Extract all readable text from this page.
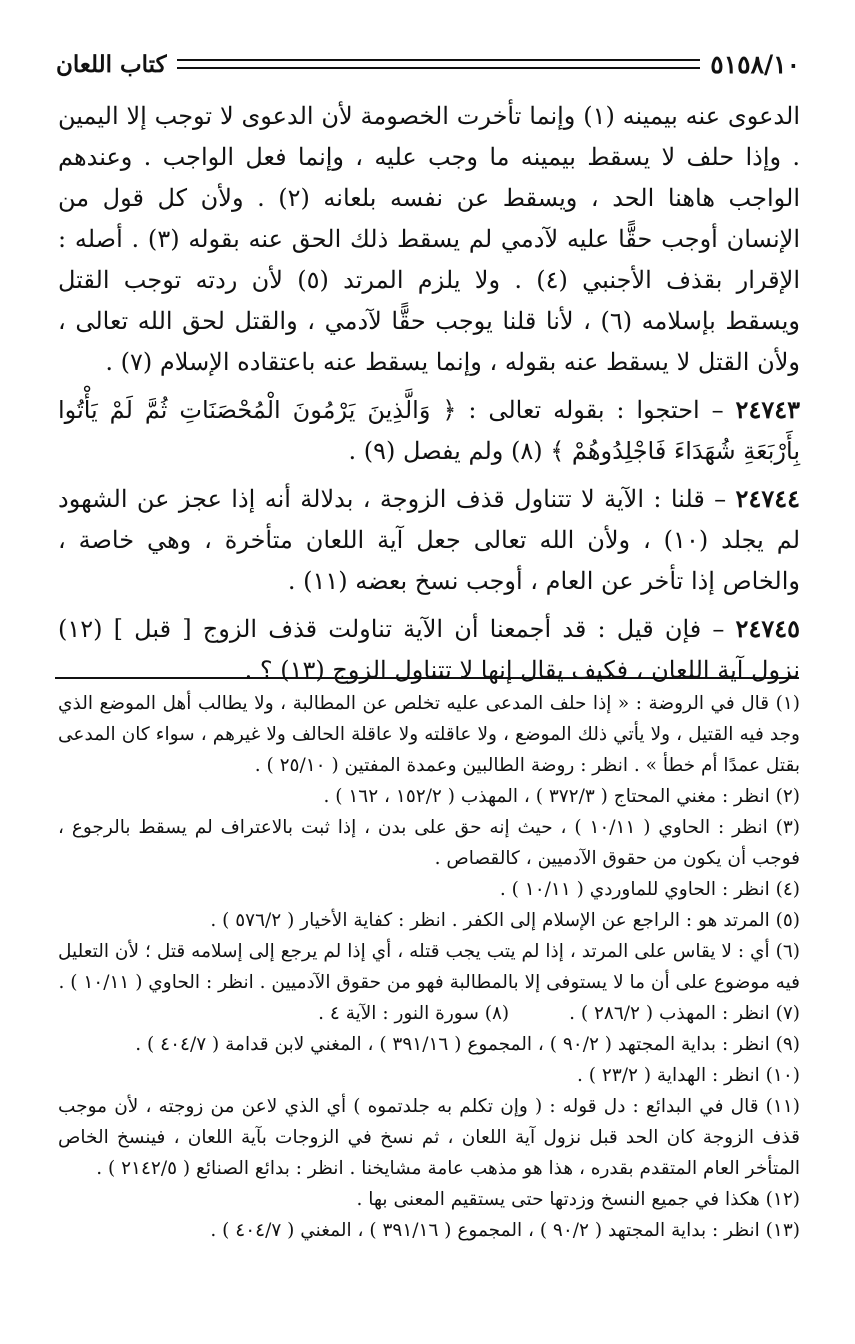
كتاب اللعان	٥١٥٨/١٠

الدعوى عنه بيمينه (١) وإنما تأخرت الخصومة لأن الدعوى لا توجب إلا اليمين . وإذا حلف لا يسقط بيمينه ما وجب عليه ، وإنما فعل الواجب . وعندهم الواجب هاهنا الحد ، ويسقط عن نفسه بلعانه (٢) . ولأن كل قول من الإنسان أوجب حقًّا عليه لآدمي لم يسقط ذلك الحق عنه بقوله (٣) . أصله : الإقرار بقذف الأجنبي (٤) . ولا يلزم المرتد (٥) لأن ردته توجب القتل ويسقط بإسلامه (٦) ، لأنا قلنا يوجب حقًّا لآدمي ، والقتل لحق الله تعالى ، ولأن القتل لا يسقط عنه بقوله ، وإنما يسقط عنه باعتقاده الإسلام (٧) .

٢٤٧٤٣ – احتجوا : بقوله تعالى : ﴿ وَالَّذِينَ يَرْمُونَ الْمُحْصَنَاتِ ثُمَّ لَمْ يَأْتُوا بِأَرْبَعَةِ شُهَدَاءَ فَاجْلِدُوهُمْ ﴾ (٨) ولم يفصل (٩) .

٢٤٧٤٤ – قلنا : الآية لا تتناول قذف الزوجة ، بدلالة أنه إذا عجز عن الشهود لم يجلد (١٠) ، ولأن الله تعالى جعل آية اللعان متأخرة ، وهي خاصة ، والخاص إذا تأخر عن العام ، أوجب نسخ بعضه (١١) .

٢٤٧٤٥ – فإن قيل : قد أجمعنا أن الآية تناولت قذف الزوج [ قبل ] (١٢) نزول آية اللعان ، فكيف يقال إنها لا تتناول الزوج (١٣) ؟ .

(١) قال في الروضة : « إذا حلف المدعى عليه تخلص عن المطالبة ، ولا يطالب أهل الموضع الذي وجد فيه القتيل ، ولا يأتي ذلك الموضع ، ولا عاقلته ولا عاقلة الحالف ولا غيرهم ، سواء كان المدعى بقتل عمدًا أم خطأ » . انظر : روضة الطالبين وعمدة المفتين ( ٢٥/١٠ ) .

(٢) انظر : مغني المحتاج ( ٣٧٢/٣ ) ، المهذب ( ١٥٢/٢ ، ١٦٢ ) .

(٣) انظر : الحاوي ( ١٠/١١ ) ، حيث إنه حق على بدن ، إذا ثبت بالاعتراف لم يسقط بالرجوع ، فوجب أن يكون من حقوق الآدميين ، كالقصاص .

(٤) انظر : الحاوي للماوردي ( ١٠/١١ ) .

(٥) المرتد هو : الراجع عن الإسلام إلى الكفر . انظر : كفاية الأخيار ( ٥٧٦/٢ ) .

(٦) أي : لا يقاس على المرتد ، إذا لم يتب يجب قتله ، أي إذا لم يرجع إلى إسلامه قتل ؛ لأن التعليل فيه موضوع على أن ما لا يستوفى إلا بالمطالبة فهو من حقوق الآدميين . انظر : الحاوي ( ١٠/١١ ) .

(٧) انظر : المهذب ( ٢٨٦/٢ ) .

(٨) سورة النور : الآية ٤ .

(٩) انظر : بداية المجتهد ( ٩٠/٢ ) ، المجموع ( ٣٩١/١٦ ) ، المغني لابن قدامة ( ٤٠٤/٧ ) .

(١٠) انظر : الهداية ( ٢٣/٢ ) .

(١١) قال في البدائع : دل قوله : ( وإن تكلم به جلدتموه ) أي الذي لاعن من زوجته ، لأن موجب قذف الزوجة كان الحد قبل نزول آية اللعان ، ثم نسخ في الزوجات بآية اللعان ، فينسخ الخاص المتأخر العام المتقدم بقدره ، هذا هو مذهب عامة مشايخنا . انظر : بدائع الصنائع ( ٢١٤٢/٥ ) .

(١٢) هكذا في جميع النسخ وزدتها حتى يستقيم المعنى بها .

(١٣) انظر : بداية المجتهد ( ٩٠/٢ ) ، المجموع ( ٣٩١/١٦ ) ، المغني ( ٤٠٤/٧ ) .
